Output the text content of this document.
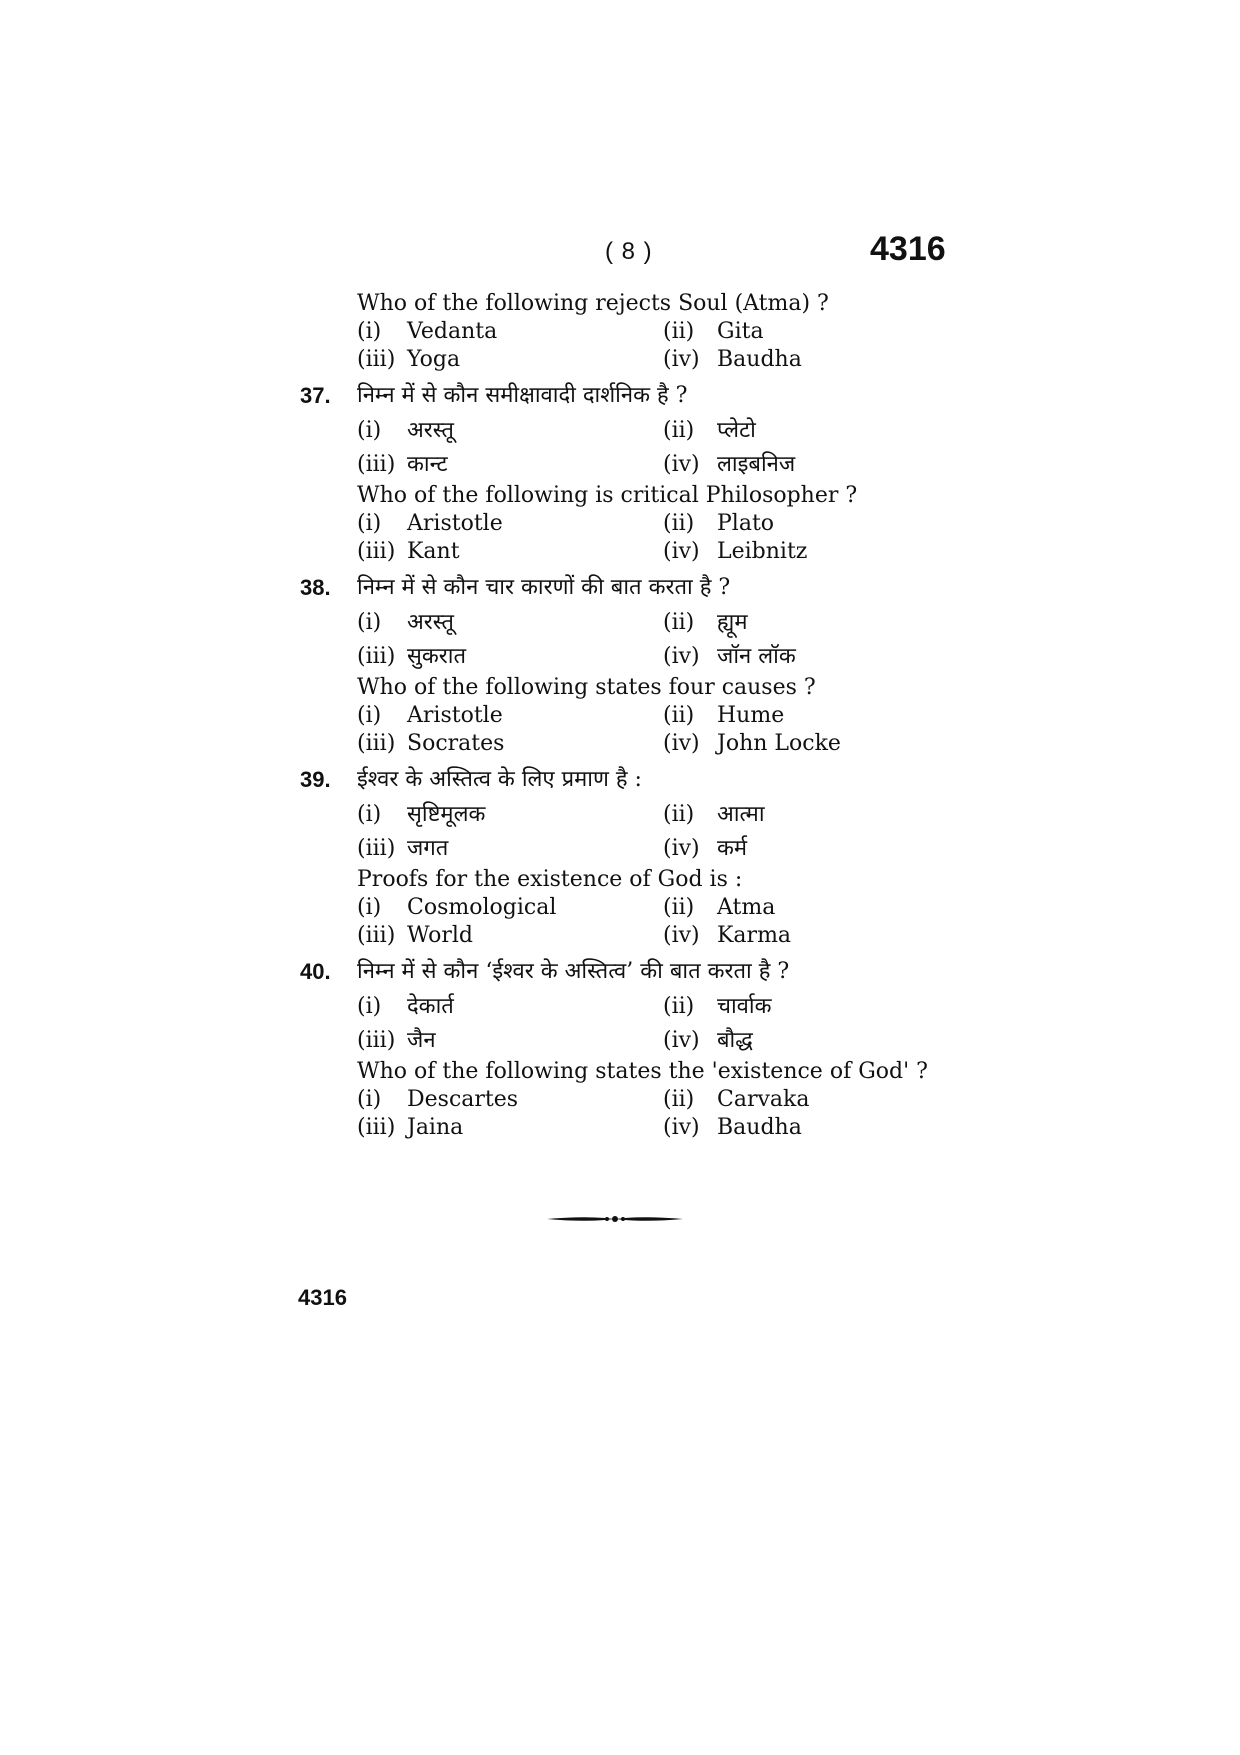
( 8 )	4316
Who of the following rejects Soul (Atma) ?
(i) Vedanta	(ii) Gita
(iii) Yoga	(iv) Baudha
37. निम्न में से कौन समीक्षावादी दार्शनिक है ?
(i) अरस्तू	(ii) प्लेटो
(iii) कान्ट	(iv) लाइबनिज
Who of the following is critical Philosopher ?
(i) Aristotle	(ii) Plato
(iii) Kant	(iv) Leibnitz
38. निम्न में से कौन चार कारणों की बात करता है ?
(i) अरस्तू	(ii) ह्यूम
(iii) सुकरात	(iv) जॉन लॉक
Who of the following states four causes ?
(i) Aristotle	(ii) Hume
(iii) Socrates	(iv) John Locke
39. ईश्वर के अस्तित्व के लिए प्रमाण है :
(i) सृष्टिमूलक	(ii) आत्मा
(iii) जगत	(iv) कर्म
Proofs for the existence of God is :
(i) Cosmological	(ii) Atma
(iii) World	(iv) Karma
40. निम्न में से कौन ‘ईश्वर के अस्तित्व’ की बात करता है ?
(i) देकार्त	(ii) चार्वाक
(iii) जैन	(iv) बौद्ध
Who of the following states the 'existence of God' ?
(i) Descartes	(ii) Carvaka
(iii) Jaina	(iv) Baudha
4316
